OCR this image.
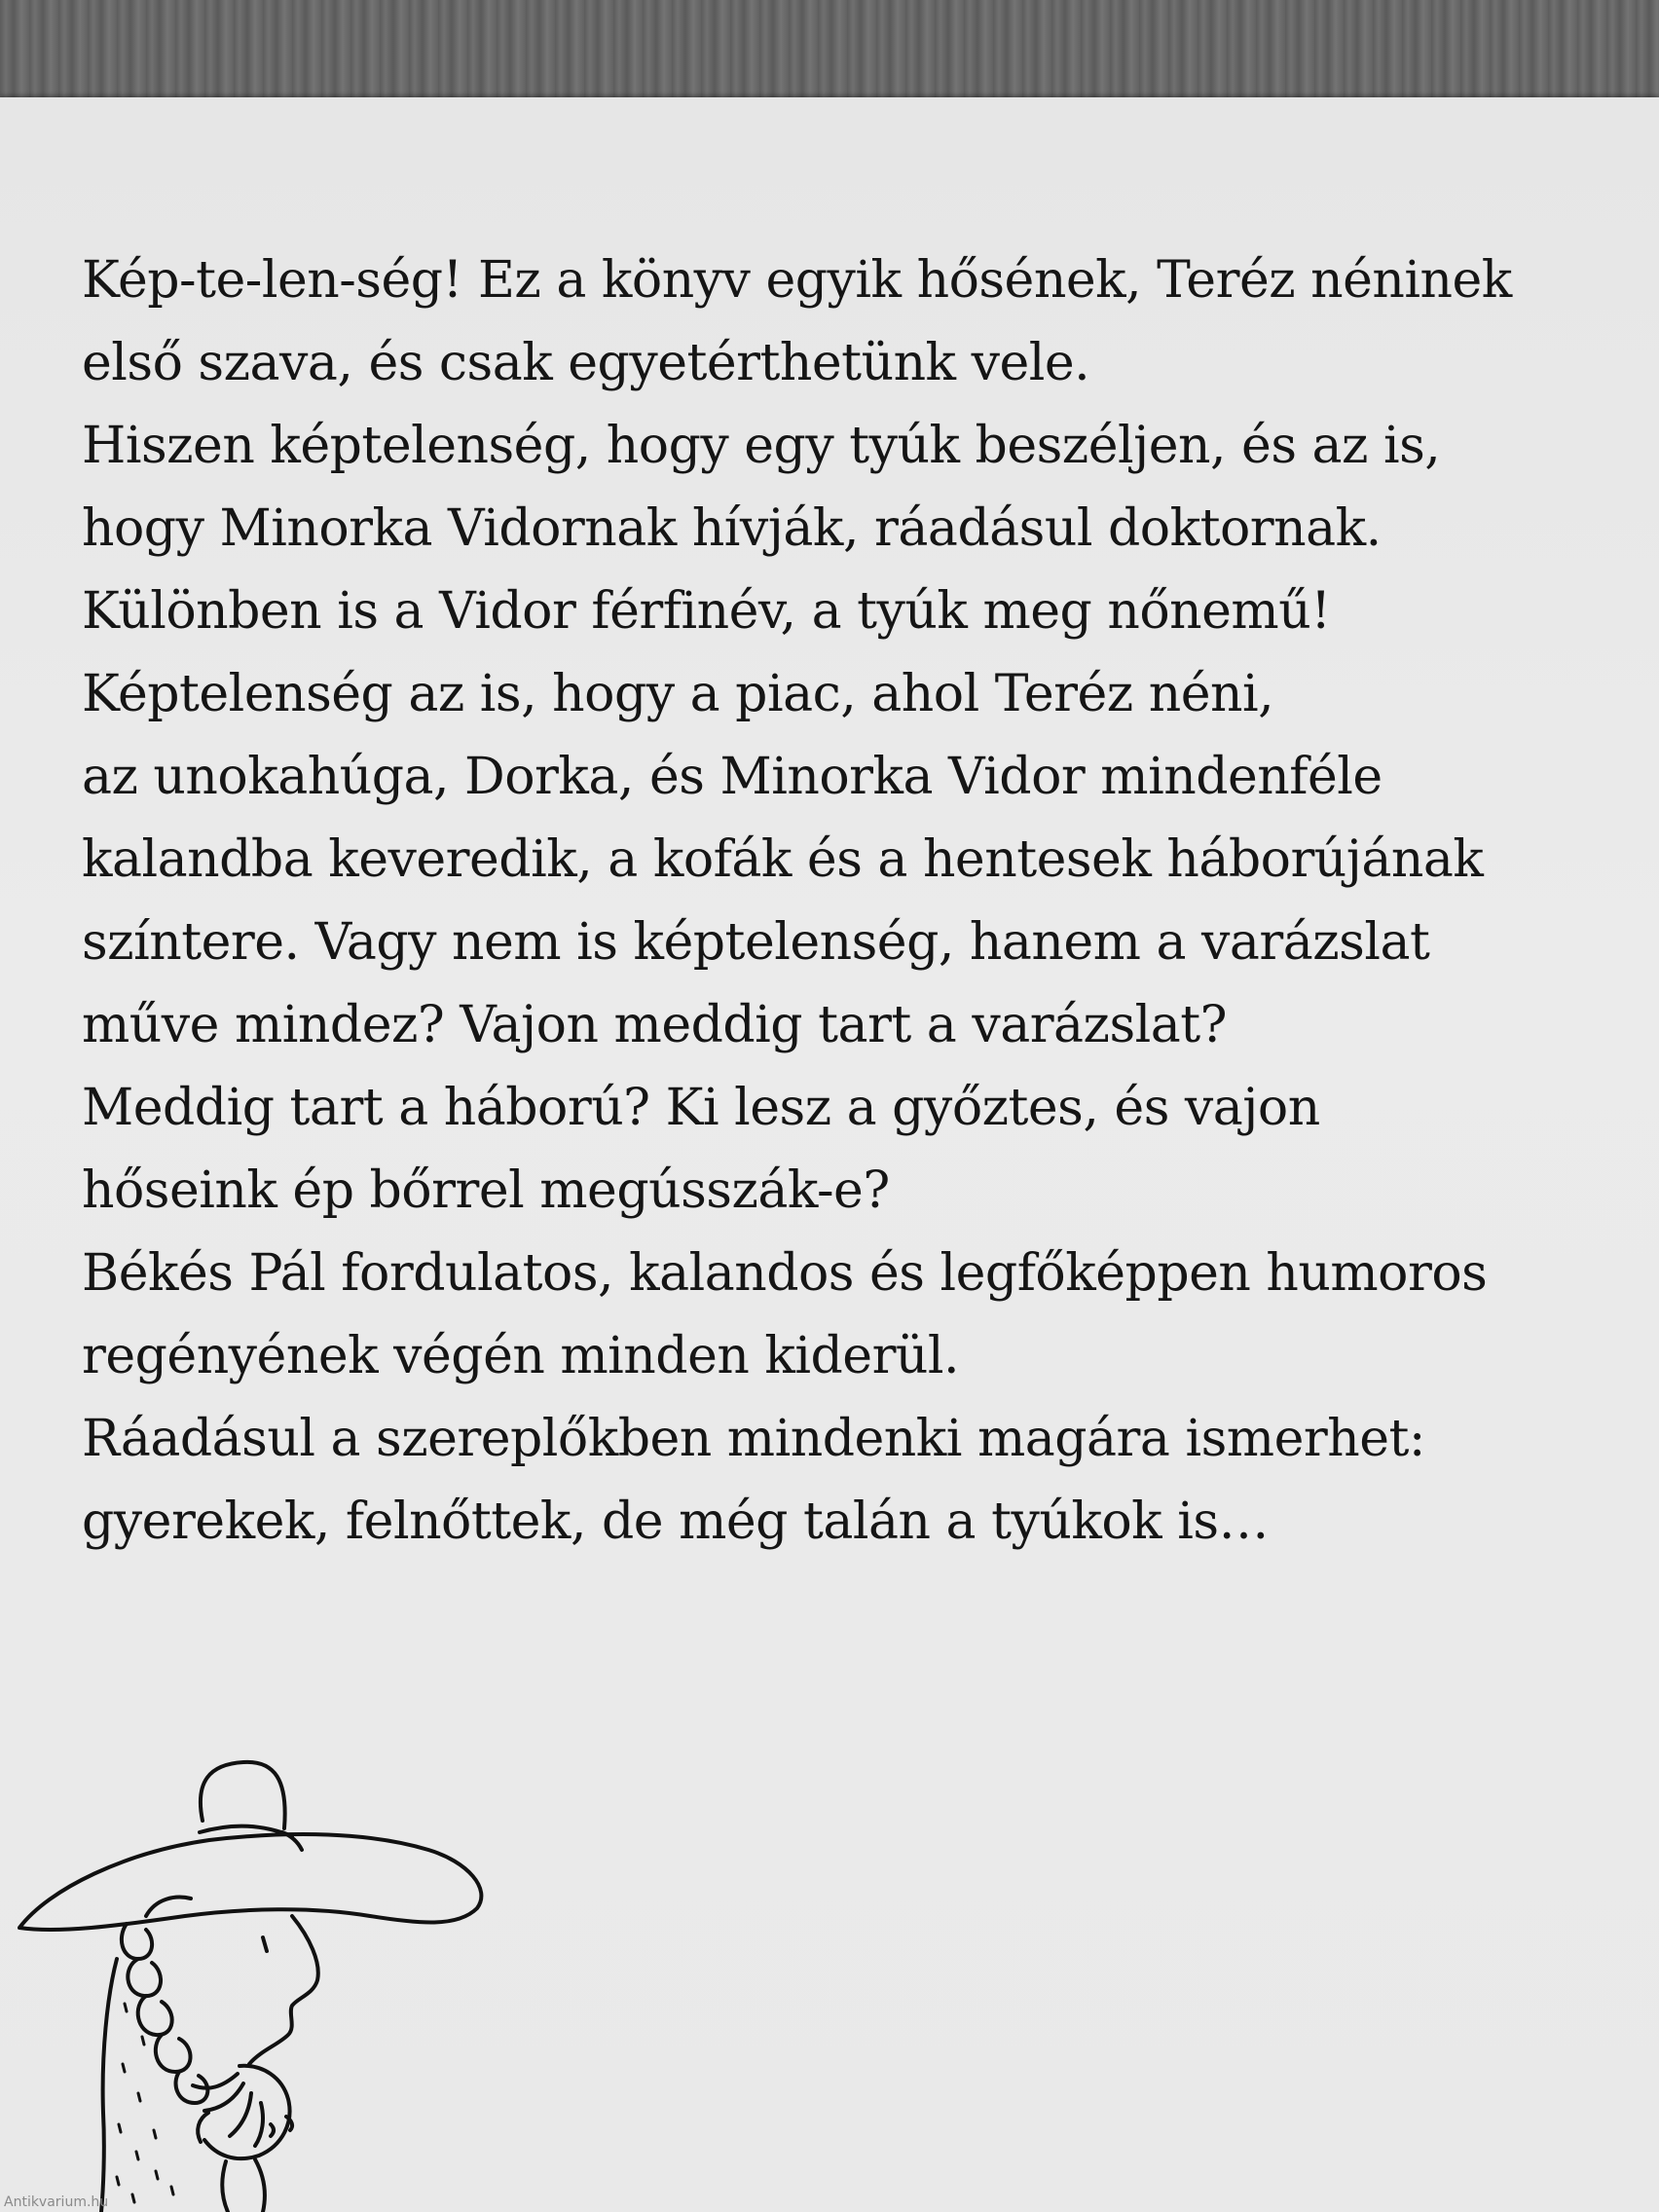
Kép-te-len-ség! Ez a könyv egyik hősének, Teréz néninek
első szava, és csak egyetérthetünk vele.
Hiszen képtelenség, hogy egy tyúk beszéljen, és az is,
hogy Minorka Vidornak hívják, ráadásul doktornak.
Különben is a Vidor férfinév, a tyúk meg nőnemű!
Képtelenség az is, hogy a piac, ahol Teréz néni,
az unokahúga, Dorka, és Minorka Vidor mindenféle
kalandba keveredik, a kofák és a hentesek háborújának
színtere. Vagy nem is képtelenség, hanem a varázslat
műve mindez? Vajon meddig tart a varázslat?
Meddig tart a háború? Ki lesz a győztes, és vajon
hőseink ép bőrrel megússzák-e?
Békés Pál fordulatos, kalandos és legfőképpen humoros
regényének végén minden kiderül.
Ráadásul a szereplőkben mindenki magára ismerhet:
gyerekek, felnőttek, de még talán a tyúkok is…

Antikvarium.hu
